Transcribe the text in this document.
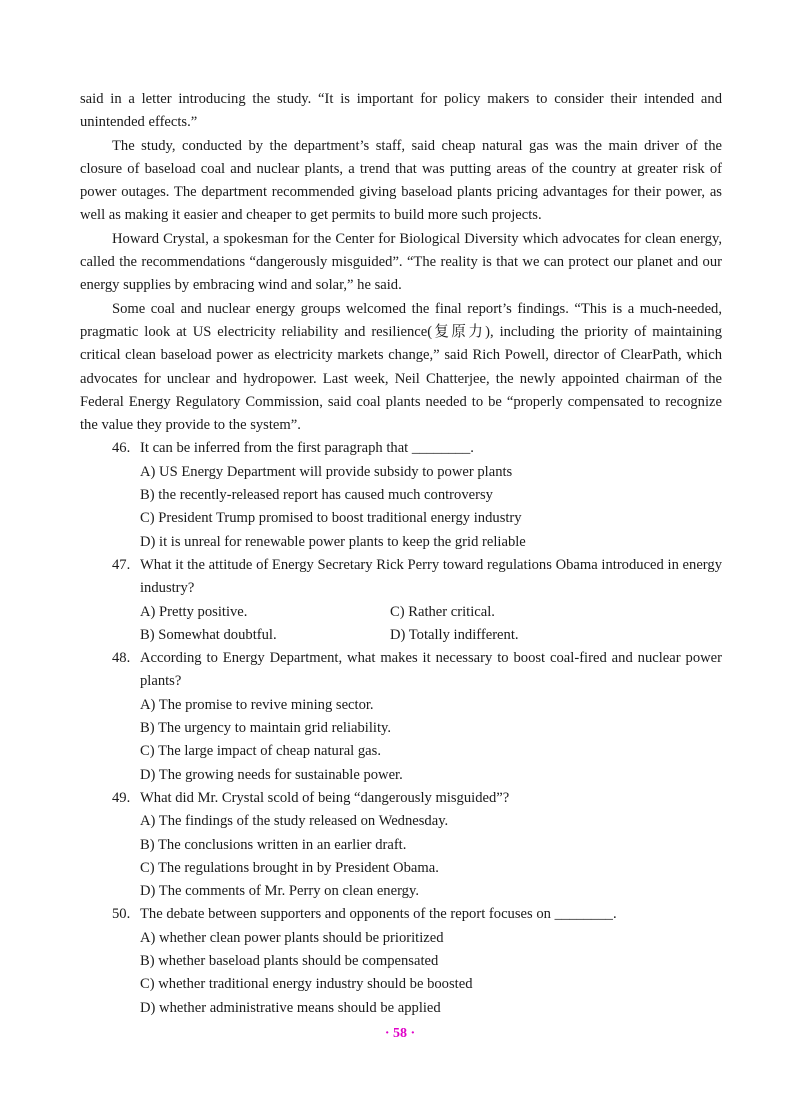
said in a letter introducing the study. “It is important for policy makers to consider their intended and unintended effects.”

The study, conducted by the department’s staff, said cheap natural gas was the main driver of the closure of baseload coal and nuclear plants, a trend that was putting areas of the country at greater risk of power outages. The department recommended giving baseload plants pricing advantages for their power, as well as making it easier and cheaper to get permits to build more such projects.

Howard Crystal, a spokesman for the Center for Biological Diversity which advocates for clean energy, called the recommendations “dangerously misguided”. “The reality is that we can protect our planet and our energy supplies by embracing wind and solar,” he said.

Some coal and nuclear energy groups welcomed the final report’s findings. “This is a much-needed, pragmatic look at US electricity reliability and resilience(复原力), including the priority of maintaining critical clean baseload power as electricity markets change,” said Rich Powell, director of ClearPath, which advocates for unclear and hydropower. Last week, Neil Chatterjee, the newly appointed chairman of the Federal Energy Regulatory Commission, said coal plants needed to be “properly compensated to recognize the value they provide to the system”.

46. It can be inferred from the first paragraph that ________.

A) US Energy Department will provide subsidy to power plants

B) the recently-released report has caused much controversy

C) President Trump promised to boost traditional energy industry

D) it is unreal for renewable power plants to keep the grid reliable

47. What it the attitude of Energy Secretary Rick Perry toward regulations Obama introduced in energy industry?

A) Pretty positive.	C) Rather critical.
B) Somewhat doubtful.	D) Totally indifferent.

48. According to Energy Department, what makes it necessary to boost coal-fired and nuclear power plants?

A) The promise to revive mining sector.

B) The urgency to maintain grid reliability.

C) The large impact of cheap natural gas.

D) The growing needs for sustainable power.

49. What did Mr. Crystal scold of being “dangerously misguided”?

A) The findings of the study released on Wednesday.

B) The conclusions written in an earlier draft.

C) The regulations brought in by President Obama.

D) The comments of Mr. Perry on clean energy.

50. The debate between supporters and opponents of the report focuses on ________.

A) whether clean power plants should be prioritized

B) whether baseload plants should be compensated

C) whether traditional energy industry should be boosted

D) whether administrative means should be applied

· 58 ·
